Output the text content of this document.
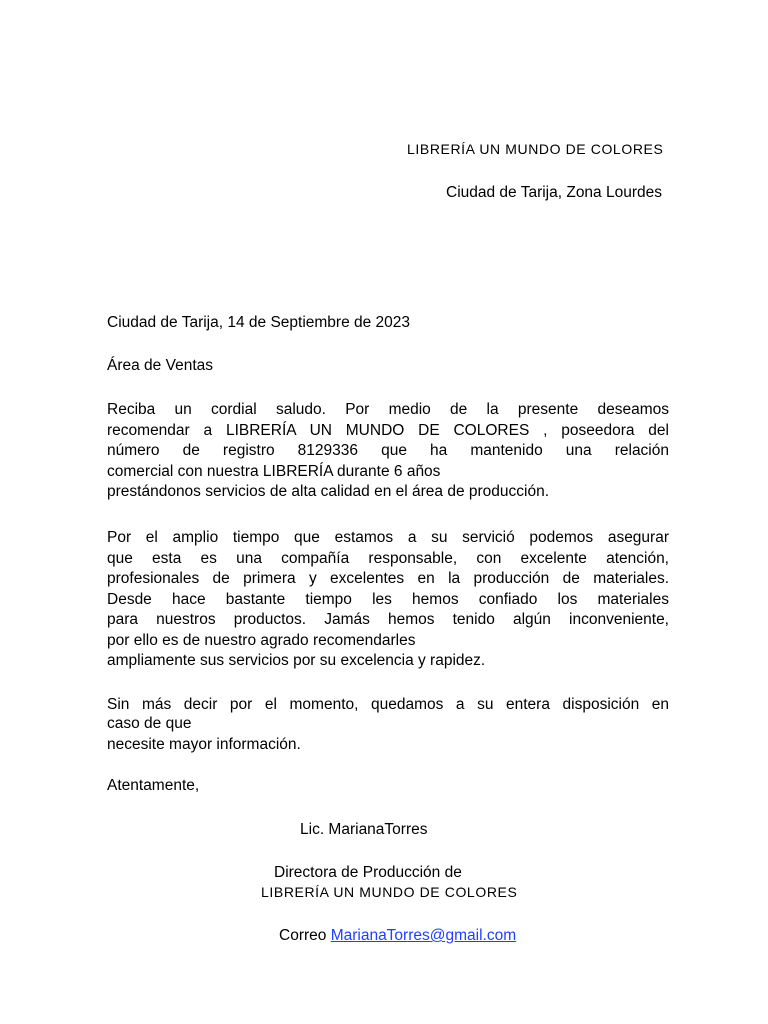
LIBRERÍA UN MUNDO DE COLORES
Ciudad de Tarija, Zona Lourdes
Ciudad de Tarija, 14 de Septiembre de 2023
Área de Ventas
Reciba un cordial saludo. Por medio de la presente deseamos
recomendar a LIBRERÍA UN MUNDO DE COLORES , poseedora del
número de registro 8129336 que ha mantenido una relación
comercial con nuestra LIBRERÍA durante 6 años
prestándonos servicios de alta calidad en el área de producción.
Por el amplio tiempo que estamos a su servició podemos asegurar
que esta es una compañía responsable, con excelente atención,
profesionales de primera y excelentes en la producción de materiales.
Desde hace bastante tiempo les hemos confiado los materiales
para nuestros productos. Jamás hemos tenido algún inconveniente,
por ello es de nuestro agrado recomendarles
ampliamente sus servicios por su excelencia y rapidez.
Sin más decir por el momento, quedamos a su entera disposición en
caso de que
necesite mayor información.
Atentamente,
Lic. MarianaTorres
Directora de Producción de
LIBRERÍA UN MUNDO DE COLORES
Correo MarianaTorres@gmail.com
